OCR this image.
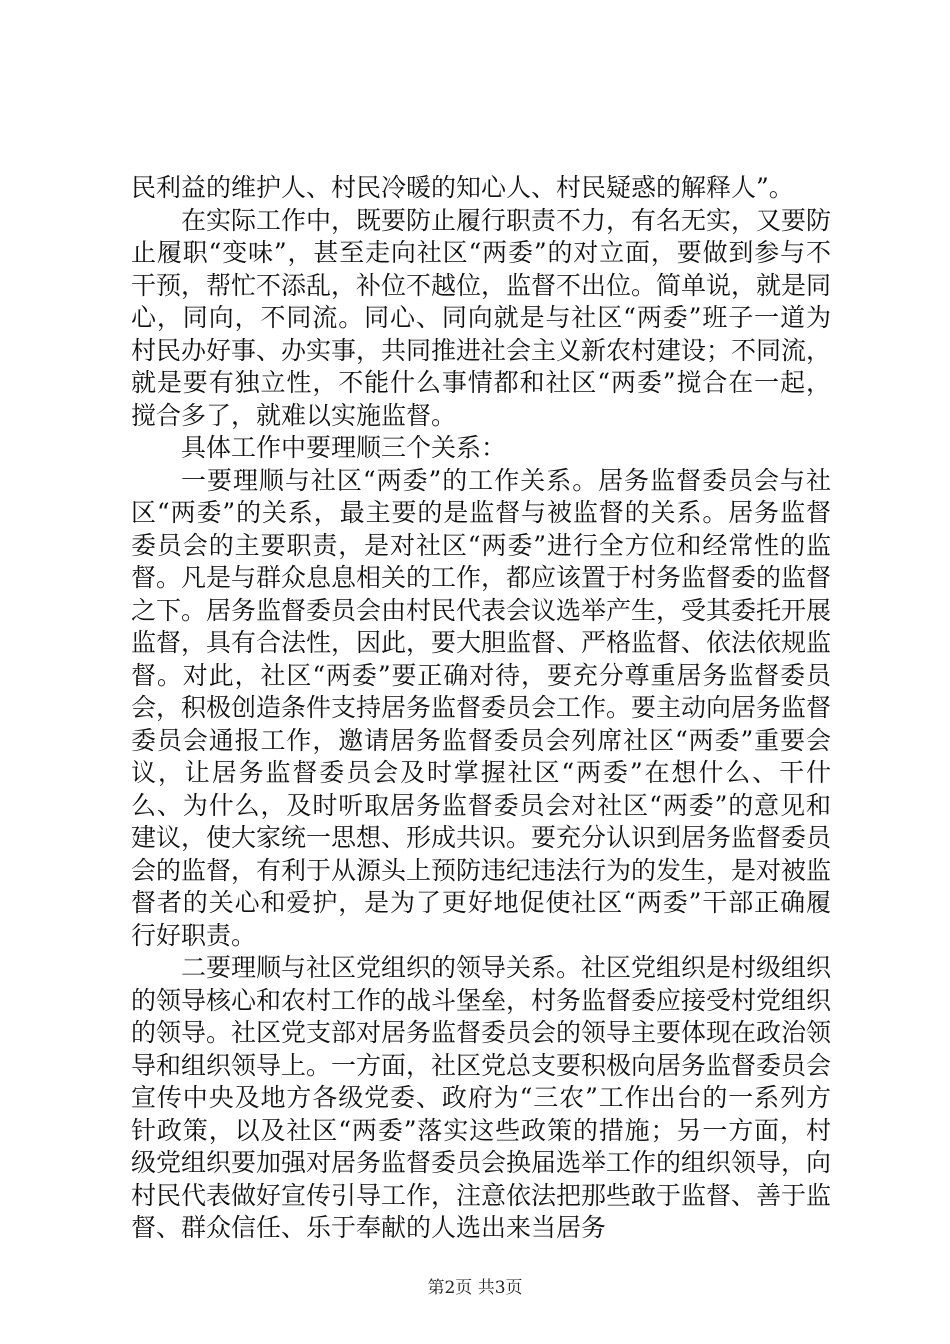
民利益的维护人、村民冷暖的知心人、村民疑惑的解释人”。

在实际工作中，既要防止履行职责不力，有名无实，又要防止履职“变味”，甚至走向社区“两委”的对立面，要做到参与不干预，帮忙不添乱，补位不越位，监督不出位。简单说，就是同心，同向，不同流。同心、同向就是与社区“两委”班子一道为村民办好事、办实事，共同推进社会主义新农村建设；不同流，就是要有独立性，不能什么事情都和社区“两委”搅合在一起，搅合多了，就难以实施监督。

具体工作中要理顺三个关系：

一要理顺与社区“两委”的工作关系。居务监督委员会与社区“两委”的关系，最主要的是监督与被监督的关系。居务监督委员会的主要职责，是对社区“两委”进行全方位和经常性的监督。凡是与群众息息相关的工作，都应该置于村务监督委的监督之下。居务监督委员会由村民代表会议选举产生，受其委托开展监督，具有合法性，因此，要大胆监督、严格监督、依法依规监督。对此，社区“两委”要正确对待，要充分尊重居务监督委员会，积极创造条件支持居务监督委员会工作。要主动向居务监督委员会通报工作，邀请居务监督委员会列席社区“两委”重要会议，让居务监督委员会及时掌握社区“两委”在想什么、干什么、为什么，及时听取居务监督委员会对社区“两委”的意见和建议，使大家统一思想、形成共识。要充分认识到居务监督委员会的监督，有利于从源头上预防违纪违法行为的发生，是对被监督者的关心和爱护，是为了更好地促使社区“两委”干部正确履行好职责。

二要理顺与社区党组织的领导关系。社区党组织是村级组织的领导核心和农村工作的战斗堡垒，村务监督委应接受村党组织的领导。社区党支部对居务监督委员会的领导主要体现在政治领导和组织领导上。一方面，社区党总支要积极向居务监督委员会宣传中央及地方各级党委、政府为“三农”工作出台的一系列方针政策，以及社区“两委”落实这些政策的措施；另一方面，村级党组织要加强对居务监督委员会换届选举工作的组织领导，向村民代表做好宣传引导工作，注意依法把那些敢于监督、善于监督、群众信任、乐于奉献的人选出来当居务

第2页 共3页
